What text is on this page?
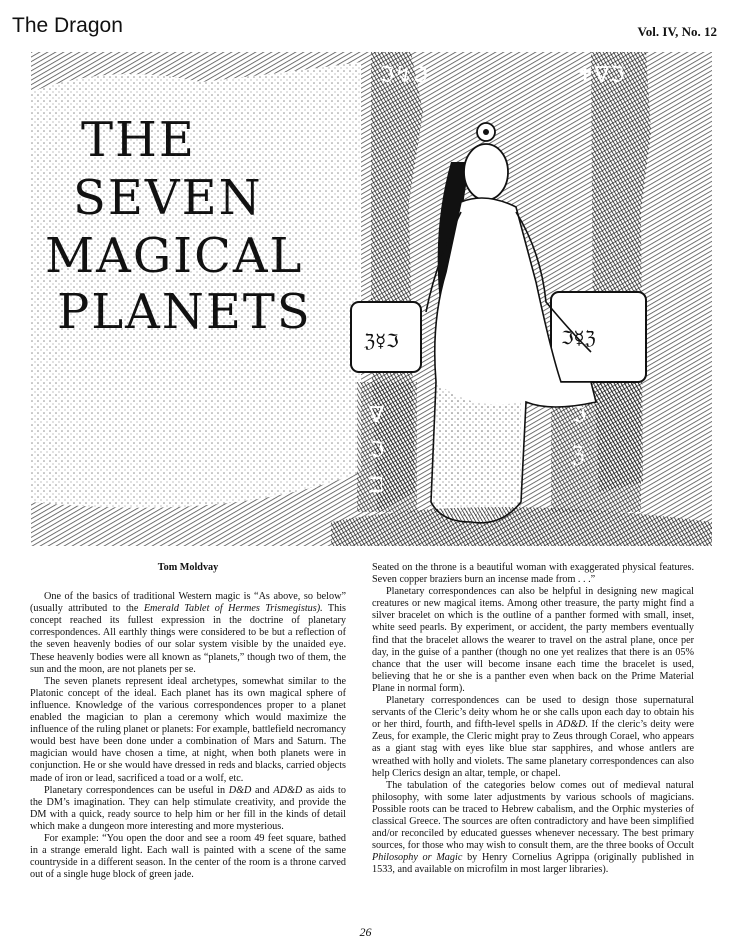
The Dragon	Vol. IV, No. 12
ℑ↯ℑ	✝∇ℑ
ℨ☿ℑ	ℑ☿ℨ
∇
ℑ
ℶ
ℑ
ℨ
THE
SEVEN
MAGICAL
PLANETS

Tom Moldvay

One of the basics of traditional Western magic is “As above, so below” (usually attributed to the Emerald Tablet of Hermes Trismegistus). This concept reached its fullest expression in the doctrine of planetary correspondences. All earthly things were considered to be but a reflection of the seven heavenly bodies of our solar system visible by the unaided eye. These heavenly bodies were all known as “planets,” though two of them, the sun and the moon, are not planets per se.

The seven planets represent ideal archetypes, somewhat similar to the Platonic concept of the ideal. Each planet has its own magical sphere of influence. Knowledge of the various correspondences proper to a planet enabled the magician to plan a ceremony which would maximize the influence of the ruling planet or planets: For example, battlefield necromancy would best have been done under a combination of Mars and Saturn. The magician would have chosen a time, at night, when both planets were in conjunction. He or she would have dressed in reds and blacks, carried objects made of iron or lead, sacrificed a toad or a wolf, etc.

Planetary correspondences can be useful in D&D and AD&D as aids to the DM’s imagination. They can help stimulate creativity, and provide the DM with a quick, ready source to help him or her fill in the kinds of detail which make a dungeon more interesting and more mysterious.

For example: “You open the door and see a room 49 feet square, bathed in a strange emerald light. Each wall is painted with a scene of the same countryside in a different season. In the center of the room is a throne carved out of a single huge block of green jade.

Seated on the throne is a beautiful woman with exaggerated physical features. Seven copper braziers burn an incense made from . . .”

Planetary correspondences can also be helpful in designing new magical creatures or new magical items. Among other treasure, the party might find a silver bracelet on which is the outline of a panther formed with small, inset, white seed pearls. By experiment, or accident, the party members eventually find that the bracelet allows the wearer to travel on the astral plane, once per day, in the guise of a panther (though no one yet realizes that there is an 05% chance that the user will become insane each time the bracelet is used, believing that he or she is a panther even when back on the Prime Material Plane in normal form).

Planetary correspondences can be used to design those supernatural servants of the Cleric’s deity whom he or she calls upon each day to obtain his or her third, fourth, and fifth-level spells in AD&D. If the cleric’s deity were Zeus, for example, the Cleric might pray to Zeus through Corael, who appears as a giant stag with eyes like blue star sapphires, and whose antlers are wreathed with holly and violets. The same planetary correspondences can also help Clerics design an altar, temple, or chapel.

The tabulation of the categories below comes out of medieval natural philosophy, with some later adjustments by various schools of magicians. Possible roots can be traced to Hebrew cabalism, and the Orphic mysteries of classical Greece. The sources are often contradictory and have been simplified and/or reconciled by educated guesses whenever necessary. The best primary sources, for those who may wish to consult them, are the three books of Occult Philosophy or Magic by Henry Cornelius Agrippa (originally published in 1533, and available on microfilm in most larger libraries).

26
